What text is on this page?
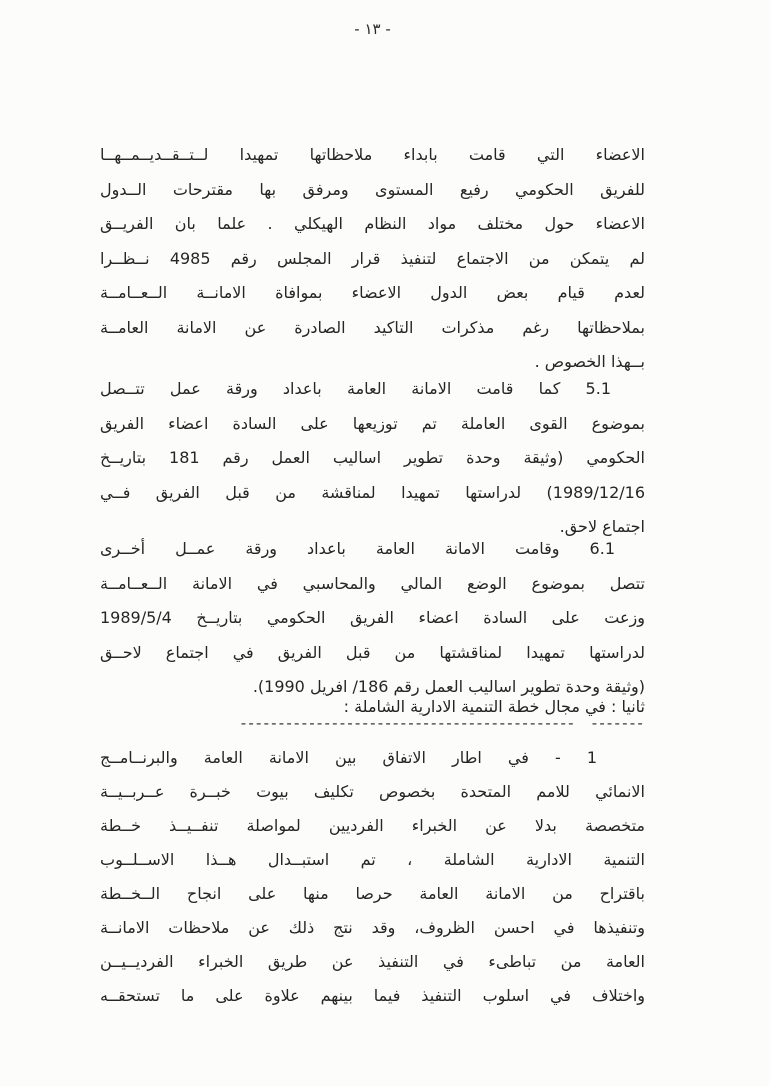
- ١٣ -
الاعضاء التي قامت بابداء ملاحظاتها تمهيدا لــتــقــديــمــهــا
للفريق الحكومي رفيع المستوى ومرفق بها مقترحات الــدول
الاعضاء حول مختلف مواد النظام الهيكلي . علما بان الفريــق
لم يتمكن من الاجتماع لتنفيذ قرار المجلس رقم 4985 نــظــرا
لعدم قيام بعض الدول الاعضاء بموافاة الامانــة الــعــامــة
بملاحظاتها رغم مذكرات التاكيد الصادرة عن الامانة العامــة
بــهذا الخصوص .
5.1 كما قامت الامانة العامة باعداد ورقة عمل تتــصل
بموضوع القوى العاملة تم توزيعها على السادة اعضاء الفريق
الحكومي (وثيقة وحدة تطوير اساليب العمل رقم 181 بتاريــخ
1989/12/16) لدراستها تمهيدا لمناقشة من قبل الفريق فــي
اجتماع لاحق.
6.1 وقامت الامانة العامة باعداد ورقة عمــل أخــرى
تتصل بموضوع الوضع المالي والمحاسبي في الامانة الــعــامــة
وزعت على السادة اعضاء الفريق الحكومي بتاريــخ 1989/5/4
لدراستها تمهيدا لمناقشتها من قبل الفريق في اجتماع لاحــق
(وثيقة وحدة تطوير اساليب العمل رقم 186/ افريل 1990).
ثانيا : في مجال خطة التنمية الادارية الشاملة :
---------------------------------------------------
1 - في اطار الاتفاق بين الامانة العامة والبرنــامــج
الانمائي للامم المتحدة بخصوص تكليف بيوت خبــرة عــربــيــة
متخصصة بدلا عن الخبراء الفرديين لمواصلة تنفــيــذ خــطة
التنمية الادارية الشاملة ، تم استبــدال هــذا الاســلــوب
باقتراح من الامانة العامة حرصا منها على انجاح الــخــطة
وتنفيذها في احسن الظروف، وقد نتج ذلك عن ملاحظات الامانــة
العامة من تباطىء في التنفيذ عن طريق الخبراء الفرديــيــن
واختلاف في اسلوب التنفيذ فيما بينهم علاوة على ما تستحقــه
